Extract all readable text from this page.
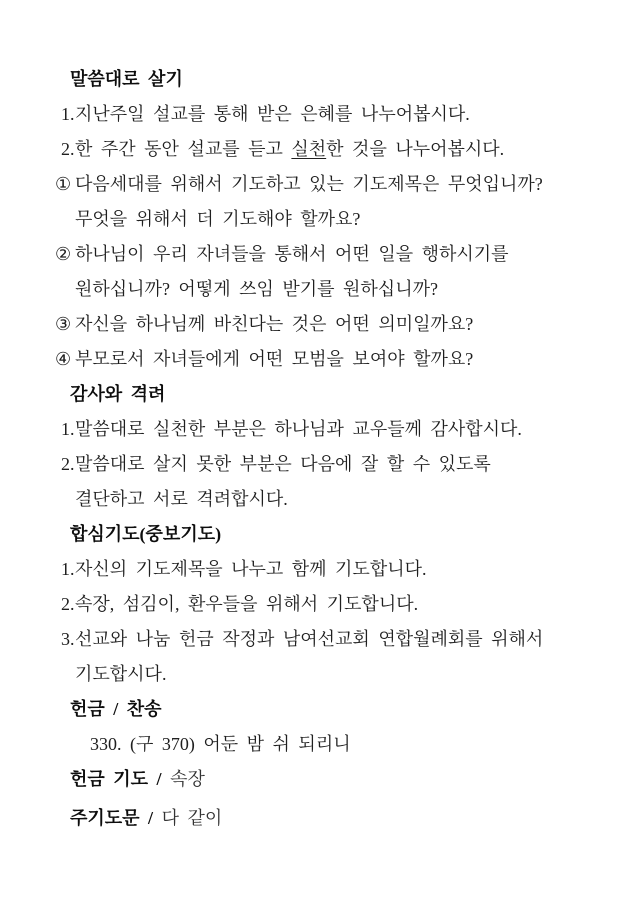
말씀대로 살기
1. 지난주일 설교를 통해 받은 은혜를 나누어봅시다.
2. 한 주간 동안 설교를 듣고 실천한 것을 나누어봅시다.
① 다음세대를 위해서 기도하고 있는 기도제목은 무엇입니까?
무엇을 위해서 더 기도해야 할까요?
② 하나님이 우리 자녀들을 통해서 어떤 일을 행하시기를
원하십니까? 어떻게 쓰임 받기를 원하십니까?
③ 자신을 하나님께 바친다는 것은 어떤 의미일까요?
④ 부모로서 자녀들에게 어떤 모범을 보여야 할까요?
감사와 격려
1. 말씀대로 실천한 부분은 하나님과 교우들께 감사합시다.
2. 말씀대로 살지 못한 부분은 다음에 잘 할 수 있도록
결단하고 서로 격려합시다.
합심기도(중보기도)
1. 자신의 기도제목을 나누고 함께 기도합니다.
2. 속장, 섬김이, 환우들을 위해서 기도합니다.
3. 선교와 나눔 헌금 작정과 남여선교회 연합월례회를 위해서
기도합시다.
헌금 / 찬송
330. (구 370) 어둔 밤 쉬 되리니
헌금 기도 / 속장
주기도문 / 다 같이
